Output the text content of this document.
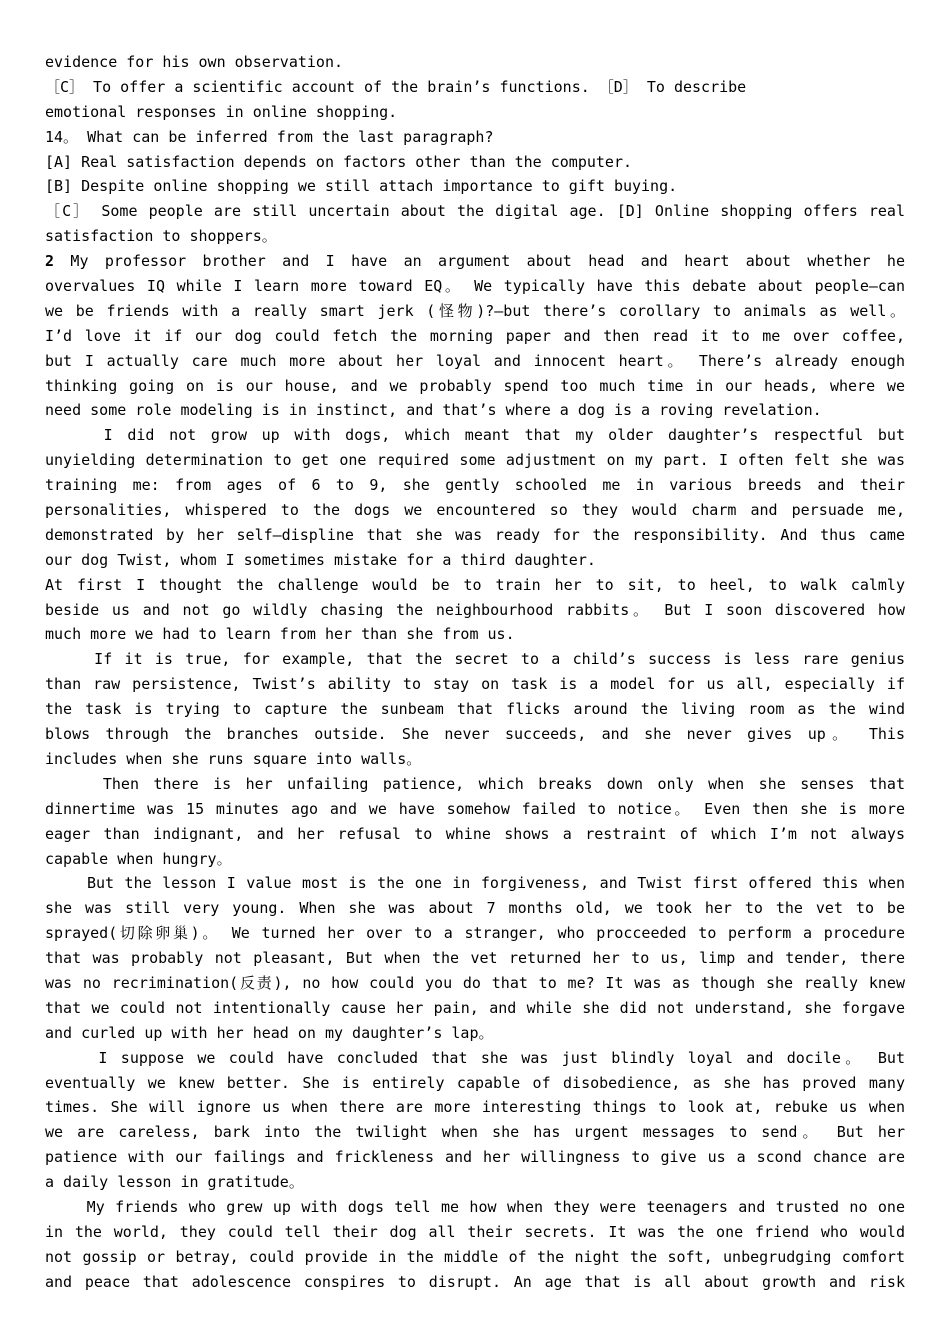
evidence for his own observation.
［C］ To offer a scientific account of the brain’s functions. ［D］ To describe
emotional responses in online shopping.
14。 What can be inferred from the last paragraph?
[A] Real satisfaction depends on factors other than the computer.
[B] Despite online shopping we still attach importance to gift buying.
［C］ Some people are still uncertain about the digital age. [D] Online shopping offers real
satisfaction to shoppers。
2 My professor brother and I have an argument about head and heart about whether he
overvalues IQ while I learn more toward EQ。 We typically have this debate about people—can
we be friends with a really smart jerk (怪物)?—but there’s corollary to animals as well。
I’d love it if our dog could fetch the morning paper and then read it to me over coffee,
but I actually care much more about her loyal and innocent heart。 There’s already enough
thinking going on is our house, and we probably spend too much time in our heads, where we
need some role modeling is in instinct, and that’s where a dog is a roving revelation.
I did not grow up with dogs, which meant that my older daughter’s respectful but
unyielding determination to get one required some adjustment on my part. I often felt she was
training me: from ages of 6 to 9, she gently schooled me in various breeds and their
personalities, whispered to the dogs we encountered so they would charm and persuade me,
demonstrated by her self—displine that she was ready for the responsibility. And thus came
our dog Twist, whom I sometimes mistake for a third daughter.
At first I thought the challenge would be to train her to sit, to heel, to walk calmly
beside us and not go wildly chasing the neighbourhood rabbits。 But I soon discovered how
much more we had to learn from her than she from us.
If it is true, for example, that the secret to a child’s success is less rare genius
than raw persistence, Twist’s ability to stay on task is a model for us all, especially if
the task is trying to capture the sunbeam that flicks around the living room as the wind
blows through the branches outside. She never succeeds, and she never gives up。 This
includes when she runs square into walls。
Then there is her unfailing patience, which breaks down only when she senses that
dinnertime was 15 minutes ago and we have somehow failed to notice。 Even then she is more
eager than indignant, and her refusal to whine shows a restraint of which I’m not always
capable when hungry。
But the lesson I value most is the one in forgiveness, and Twist first offered this when
she was still very young. When she was about 7 months old, we took her to the vet to be
sprayed(切除卵巢)。 We turned her over to a stranger, who procceeded to perform a procedure
that was probably not pleasant, But when the vet returned her to us, limp and tender, there
was no recrimination(反责), no how could you do that to me? It was as though she really knew
that we could not intentionally cause her pain, and while she did not understand, she forgave
and curled up with her head on my daughter’s lap。
I suppose we could have concluded that she was just blindly loyal and docile。 But
eventually we knew better. She is entirely capable of disobedience, as she has proved many
times. She will ignore us when there are more interesting things to look at, rebuke us when
we are careless, bark into the twilight when she has urgent messages to send。 But her
patience with our failings and frickleness and her willingness to give us a scond chance are
a daily lesson in gratitude。
My friends who grew up with dogs tell me how when they were teenagers and trusted no one
in the world, they could tell their dog all their secrets. It was the one friend who would
not gossip or betray, could provide in the middle of the night the soft, unbegrudging comfort
and peace that adolescence conspires to disrupt. An age that is all about growth and risk
